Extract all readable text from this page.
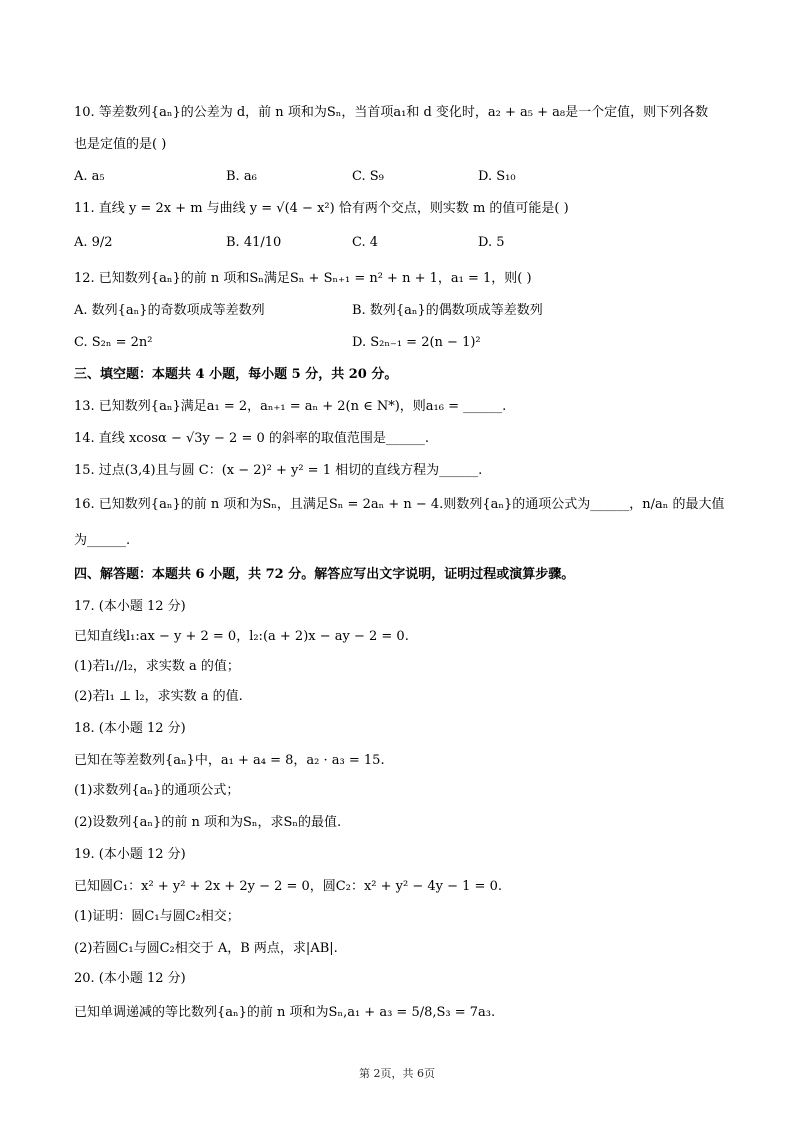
10. 等差数列{aₙ}的公差为 d，前 n 项和为Sₙ，当首项a₁和 d 变化时，a₂ + a₅ + a₈是一个定值，则下列各数
也是定值的是( )
A. a₅	B. a₆	C. S₉	D. S₁₀
11. 直线 y = 2x + m 与曲线 y = √(4 − x²) 恰有两个交点，则实数 m 的值可能是( )
A. 9/2	B. 41/10	C. 4	D. 5
12. 已知数列{aₙ}的前 n 项和Sₙ满足Sₙ + Sₙ₊₁ = n² + n + 1，a₁ = 1，则( )
A. 数列{aₙ}的奇数项成等差数列	B. 数列{aₙ}的偶数项成等差数列
C. S₂ₙ = 2n²	D. S₂ₙ₋₁ = 2(n − 1)²
三、填空题：本题共 4 小题，每小题 5 分，共 20 分。
13. 已知数列{aₙ}满足a₁ = 2，aₙ₊₁ = aₙ + 2(n ∈ N*)，则a₁₆ = ______.
14. 直线 xcosα − √3y − 2 = 0 的斜率的取值范围是______.
15. 过点(3,4)且与圆 C：(x − 2)² + y² = 1 相切的直线方程为______.
16. 已知数列{aₙ}的前 n 项和为Sₙ，且满足Sₙ = 2aₙ + n − 4.则数列{aₙ}的通项公式为______，n/aₙ 的最大值
为______.
四、解答题：本题共 6 小题，共 72 分。解答应写出文字说明，证明过程或演算步骤。
17. (本小题 12 分)
已知直线l₁:ax − y + 2 = 0，l₂:(a + 2)x − ay − 2 = 0.
(1)若l₁//l₂，求实数 a 的值；
(2)若l₁ ⊥ l₂，求实数 a 的值.
18. (本小题 12 分)
已知在等差数列{aₙ}中，a₁ + a₄ = 8，a₂ · a₃ = 15.
(1)求数列{aₙ}的通项公式；
(2)设数列{aₙ}的前 n 项和为Sₙ，求Sₙ的最值.
19. (本小题 12 分)
已知圆C₁：x² + y² + 2x + 2y − 2 = 0，圆C₂：x² + y² − 4y − 1 = 0.
(1)证明：圆C₁与圆C₂相交；
(2)若圆C₁与圆C₂相交于 A，B 两点，求|AB|.
20. (本小题 12 分)
已知单调递减的等比数列{aₙ}的前 n 项和为Sₙ,a₁ + a₃ = 5/8,S₃ = 7a₃.
第 2页，共 6页
